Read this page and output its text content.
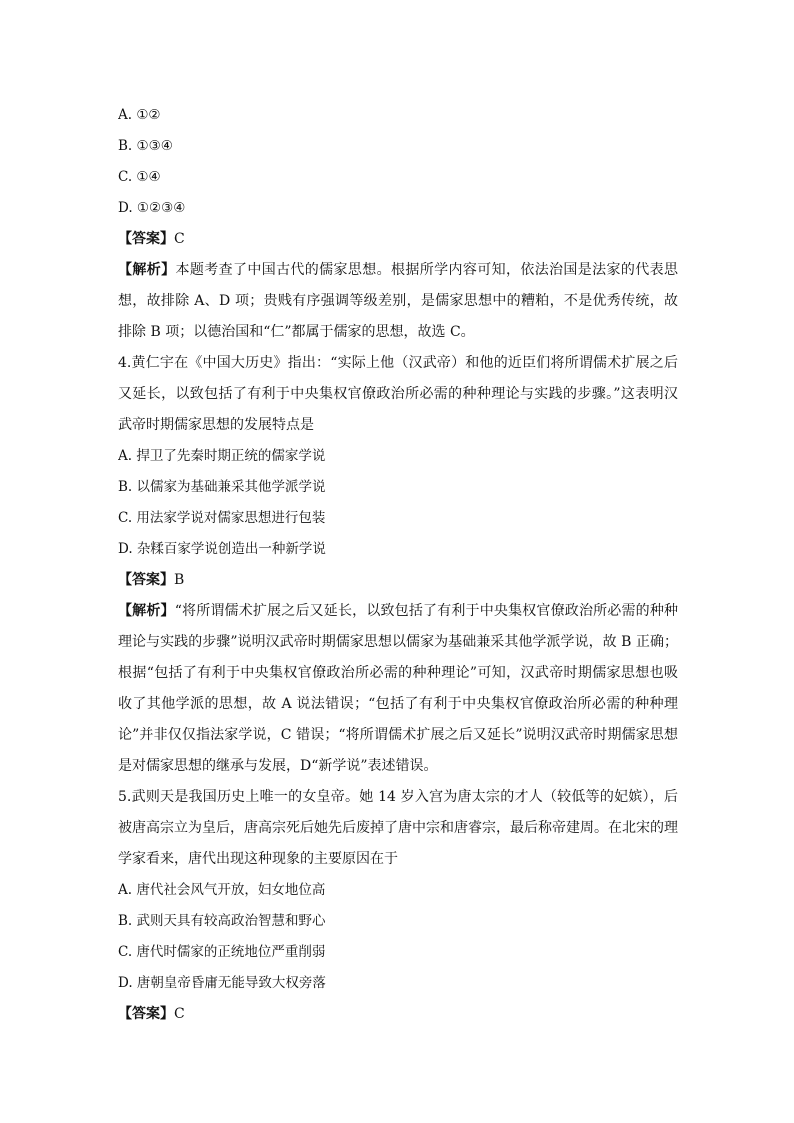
A. ①②
B. ①③④
C. ①④
D. ①②③④
【答案】C
【解析】本题考查了中国古代的儒家思想。根据所学内容可知，依法治国是法家的代表思想，故排除 A、D 项；贵贱有序强调等级差别，是儒家思想中的糟粕，不是优秀传统，故排除 B 项；以德治国和“仁”都属于儒家的思想，故选 C。
4.黄仁宇在《中国大历史》指出：“实际上他（汉武帝）和他的近臣们将所谓儒术扩展之后又延长，以致包括了有利于中央集权官僚政治所必需的种种理论与实践的步骤。”这表明汉武帝时期儒家思想的发展特点是
A. 捍卫了先秦时期正统的儒家学说
B. 以儒家为基础兼采其他学派学说
C. 用法家学说对儒家思想进行包装
D. 杂糅百家学说创造出一种新学说
【答案】B
【解析】“将所谓儒术扩展之后又延长，以致包括了有利于中央集权官僚政治所必需的种种理论与实践的步骤”说明汉武帝时期儒家思想以儒家为基础兼采其他学派学说，故 B 正确；根据“包括了有利于中央集权官僚政治所必需的种种理论”可知，汉武帝时期儒家思想也吸收了其他学派的思想，故 A 说法错误；“包括了有利于中央集权官僚政治所必需的种种理论”并非仅仅指法家学说，C 错误；“将所谓儒术扩展之后又延长”说明汉武帝时期儒家思想是对儒家思想的继承与发展，D“新学说”表述错误。
5.武则天是我国历史上唯一的女皇帝。她 14 岁入宫为唐太宗的才人（较低等的妃嫔），后被唐高宗立为皇后，唐高宗死后她先后废掉了唐中宗和唐睿宗，最后称帝建周。在北宋的理学家看来，唐代出现这种现象的主要原因在于
A. 唐代社会风气开放，妇女地位高
B. 武则天具有较高政治智慧和野心
C. 唐代时儒家的正统地位严重削弱
D. 唐朝皇帝昏庸无能导致大权旁落
【答案】C
